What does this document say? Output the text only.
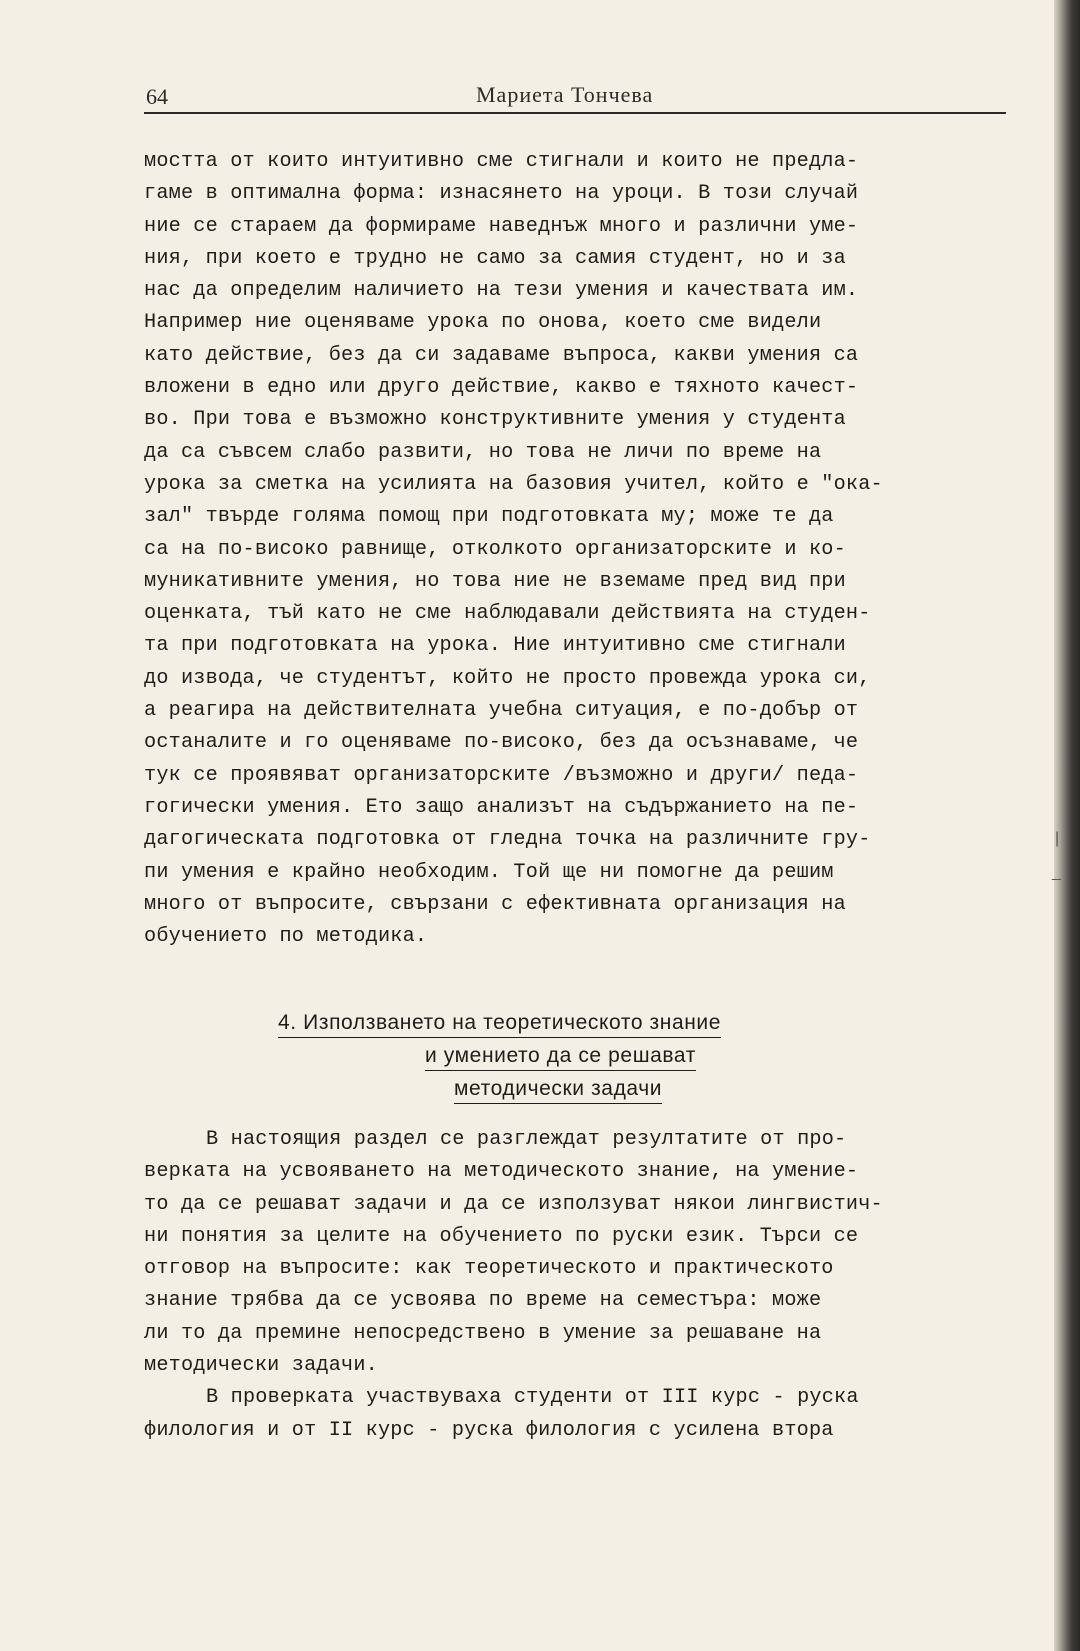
64	Мариета Тончева
мостта от които интуитивно сме стигнали и които не предла-
гаме в оптимална форма: изнасянето на уроци. В този случай
ние се стараем да формираме наведнъж много и различни уме-
ния, при което е трудно не само за самия студент, но и за
нас да определим наличието на тези умения и качествата им.
Например ние оценяваме урока по онова, което сме видели
като действие, без да си задаваме въпроса, какви умения са
вложени в едно или друго действие, какво е тяхното качест-
во. При това е възможно конструктивните умения у студента
да са съвсем слабо развити, но това не личи по време на
урока за сметка на усилията на базовия учител, който е "ока-
зал" твърде голяма помощ при подготовката му; може те да
са на по-високо равнище, отколкото организаторските и ко-
муникативните умения, но това ние не вземаме пред вид при
оценката, тъй като не сме наблюдавали действията на студен-
та при подготовката на урока. Ние интуитивно сме стигнали
до извода, че студентът, който не просто провежда урока си,
а реагира на действителната учебна ситуация, е по-добър от
останалите и го оценяваме по-високо, без да осъзнаваме, че
тук се проявяват организаторските /възможно и други/ педа-
гогически умения. Ето защо анализът на съдържанието на пе-
дагогическата подготовка от гледна точка на различните гру-
пи умения е крайно необходим. Той ще ни помогне да решим
много от въпросите, свързани с ефективната организация на
обучението по методика.
4. Използването на теоретическото знание
и умението да се решават
методически задачи
В настоящия раздел се разглеждат резултатите от про-
верката на усвояването на методическото знание, на умение-
то да се решават задачи и да се използуват някои лингвистич-
ни понятия за целите на обучението по руски език. Търси се
отговор на въпросите: как теоретическото и практическото
знание трябва да се усвоява по време на семестъра: може
ли то да премине непосредствено в умение за решаване на
методически задачи.
В проверката участвуваха студенти от III курс - руска
филология и от II курс - руска филология с усилена втора
|
_
